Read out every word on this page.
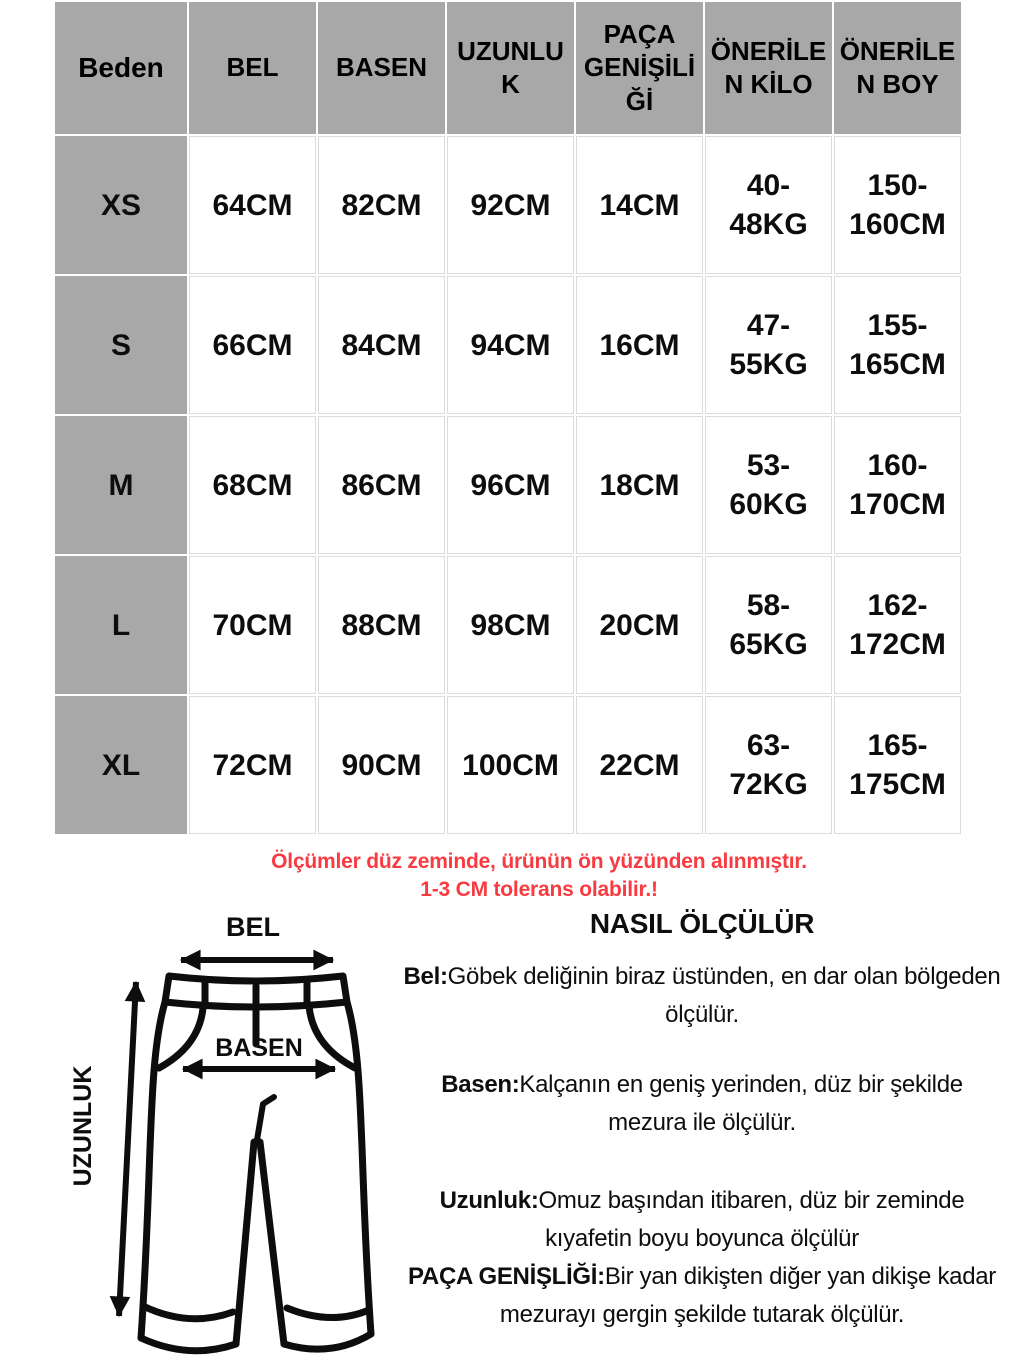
Beden	BEL	BASEN	UZUNLUK	PAÇA GENİŞİLİĞİ	ÖNERİLEN KİLO	ÖNERİLEN BOY
XS	64CM	82CM	92CM	14CM	40-48KG	150-160CM
S	66CM	84CM	94CM	16CM	47-55KG	155-165CM
M	68CM	86CM	96CM	18CM	53-60KG	160-170CM
L	70CM	88CM	98CM	20CM	58-65KG	162-172CM
XL	72CM	90CM	100CM	22CM	63-72KG	165-175CM
Ölçümler düz zeminde, ürünün ön yüzünden alınmıştır.
1-3 CM tolerans olabilir.!
BEL
BASEN
UZUNLUK
NASIL ÖLÇÜLÜR
Bel:Göbek deliğinin biraz üstünden, en dar olan bölgeden ölçülür.
Basen:Kalçanın en geniş yerinden, düz bir şekilde mezura ile ölçülür.
Uzunluk:Omuz başından itibaren, düz bir zeminde kıyafetin boyu boyunca ölçülür
PAÇA GENİŞLİĞİ:Bir yan dikişten diğer yan dikişe kadar mezurayı gergin şekilde tutarak ölçülür.
